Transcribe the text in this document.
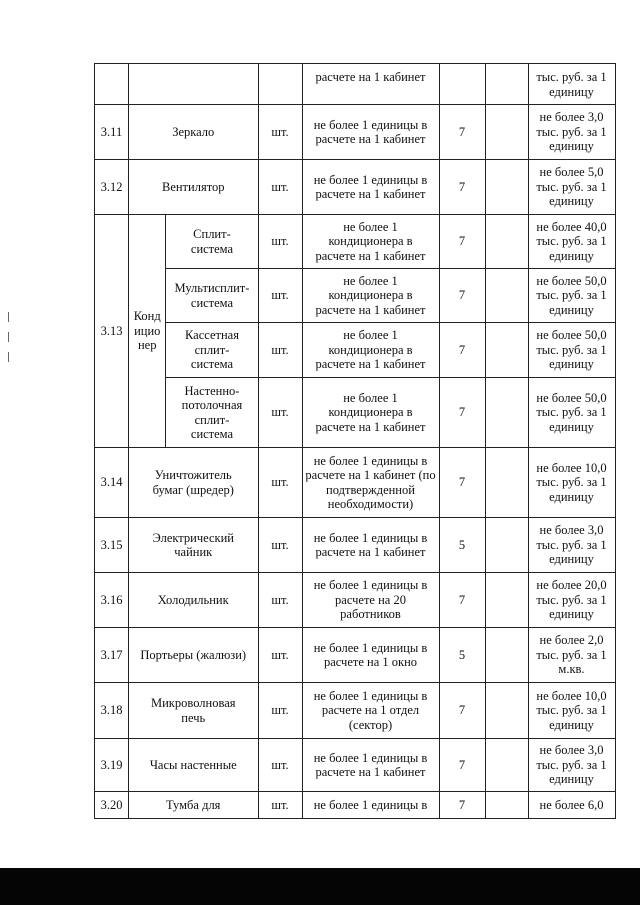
				расчете на 1 кабинет			тыс. руб. за 1 единицу
3.11	Зеркало		шт.	не более 1 единицы в расчете на 1 кабинет	7		не более 3,0 тыс. руб. за 1 единицу
3.12	Вентилятор		шт.	не более 1 единицы в расчете на 1 кабинет	7		не более 5,0 тыс. руб. за 1 единицу
3.13	Конд ицио нер	Сплит-система	шт.	не более 1 кондиционера в расчете на 1 кабинет	7		не более 40,0 тыс. руб. за 1 единицу
		Мультисплит-система	шт.	не более 1 кондиционера в расчете на 1 кабинет	7		не более 50,0 тыс. руб. за 1 единицу
		Кассетная сплит-система	шт.	не более 1 кондиционера в расчете на 1 кабинет	7		не более 50,0 тыс. руб. за 1 единицу
		Настенно-потолочная сплит-система	шт.	не более 1 кондиционера в расчете на 1 кабинет	7		не более 50,0 тыс. руб. за 1 единицу
3.14	Уничтожитель бумаг (шредер)		шт.	не более 1 единицы в расчете на 1 кабинет (по подтвержденной необходимости)	7		не более 10,0 тыс. руб. за 1 единицу
3.15	Электрический чайник		шт.	не более 1 единицы в расчете на 1 кабинет	5		не более 3,0 тыс. руб. за 1 единицу
3.16	Холодильник		шт.	не более 1 единицы в расчете на 20 работников	7		не более 20,0 тыс. руб. за 1 единицу
3.17	Портьеры (жалюзи)		шт.	не более 1 единицы в расчете на 1 окно	5		не более 2,0 тыс. руб. за 1 м.кв.
3.18	Микроволновая печь		шт.	не более 1 единицы в расчете на 1 отдел (сектор)	7		не более 10,0 тыс. руб. за 1 единицу
3.19	Часы настенные		шт.	не более 1 единицы в расчете на 1 кабинет	7		не более 3,0 тыс. руб. за 1 единицу
3.20	Тумба для		шт.	не более 1 единицы в	7		не более 6,0
